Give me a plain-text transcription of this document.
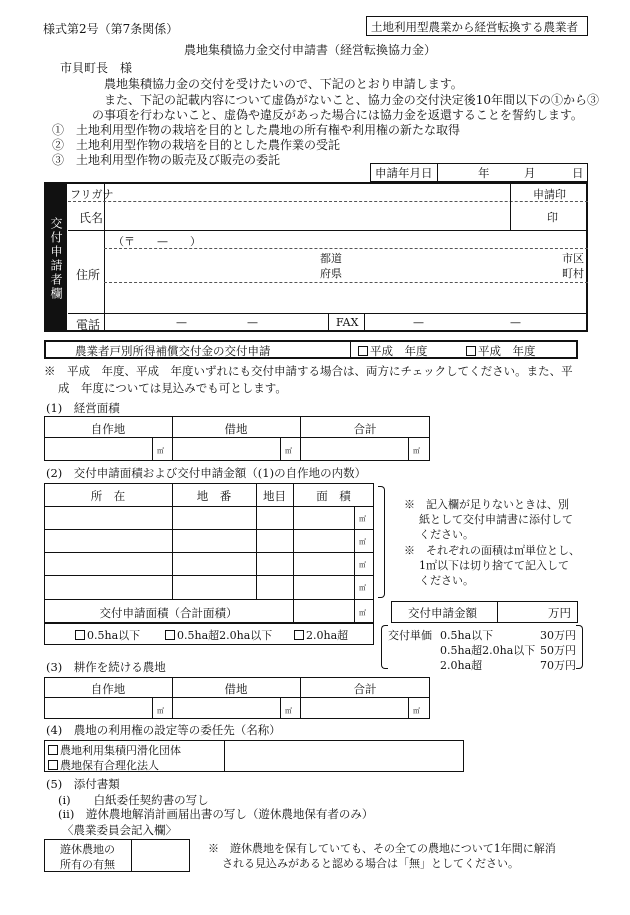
様式第2号（第7条関係）	土地利用型農業から経営転換する農業者
農地集積協力金交付申請書（経営転換協力金）
市貝町長　様
農地集積協力金の交付を受けたいので、下記のとおり申請します。
また、下記の記載内容について虚偽がないこと、協力金の交付決定後10年間以下の①から③
の事項を行わないこと、虚偽や違反があった場合には協力金を返還することを誓約します。
①　 土地利用型作物の栽培を目的とした農地の所有権や利用権の新たな取得
②　 土地利用型作物の栽培を目的とした農作業の受託
③　 土地利用型作物の販売及び販売の委託
申請年月日	年	月	日
交付申請者欄
フリガナ	申請印
氏名	印
（〒　　—　　）
住所
都道
府県
市区
町村
電話	—	—	FAX	—	—
農業者戸別所得補償交付金の交付申請	平成　年度	平成　年度
※　平成　年度、平成　年度いずれにも交付申請する場合は、両方にチェックしてください。また、平
成　年度については見込みでも可とします。
(1)　経営面積
自作地	借地	合計
㎡	㎡	㎡
(2)　交付申請面積および交付申請金額（(1)の自作地の内数）
所　在	地　番	地目	面　積
㎡
㎡
㎡
㎡
㎡
交付申請面積（合計面積）
※　記入欄が足りないときは、別
紙として交付申請書に添付して
ください。
※　それぞれの面積は㎡単位とし、
1㎡以下は切り捨てて記入して
ください。
0.5ha以下	0.5ha超2.0ha以下	2.0ha超
交付申請金額	万円
交付単価 0.5ha以下	30万円
0.5ha超2.0ha以下 50万円
2.0ha超	70万円
(3)　耕作を続ける農地
自作地	借地	合計
㎡	㎡	㎡
(4)　農地の利用権の設定等の委任先（名称）
農地利用集積円滑化団体
農地保有合理化法人
(5)　添付書類
(i)　　白紙委任契約書の写し
(ii)　遊休農地解消計画届出書の写し（遊休農地保有者のみ）
〈農業委員会記入欄〉
遊休農地の
所有の有無
※　遊休農地を保有していても、その全ての農地について1年間に解消
される見込みがあると認める場合は「無」としてください。
